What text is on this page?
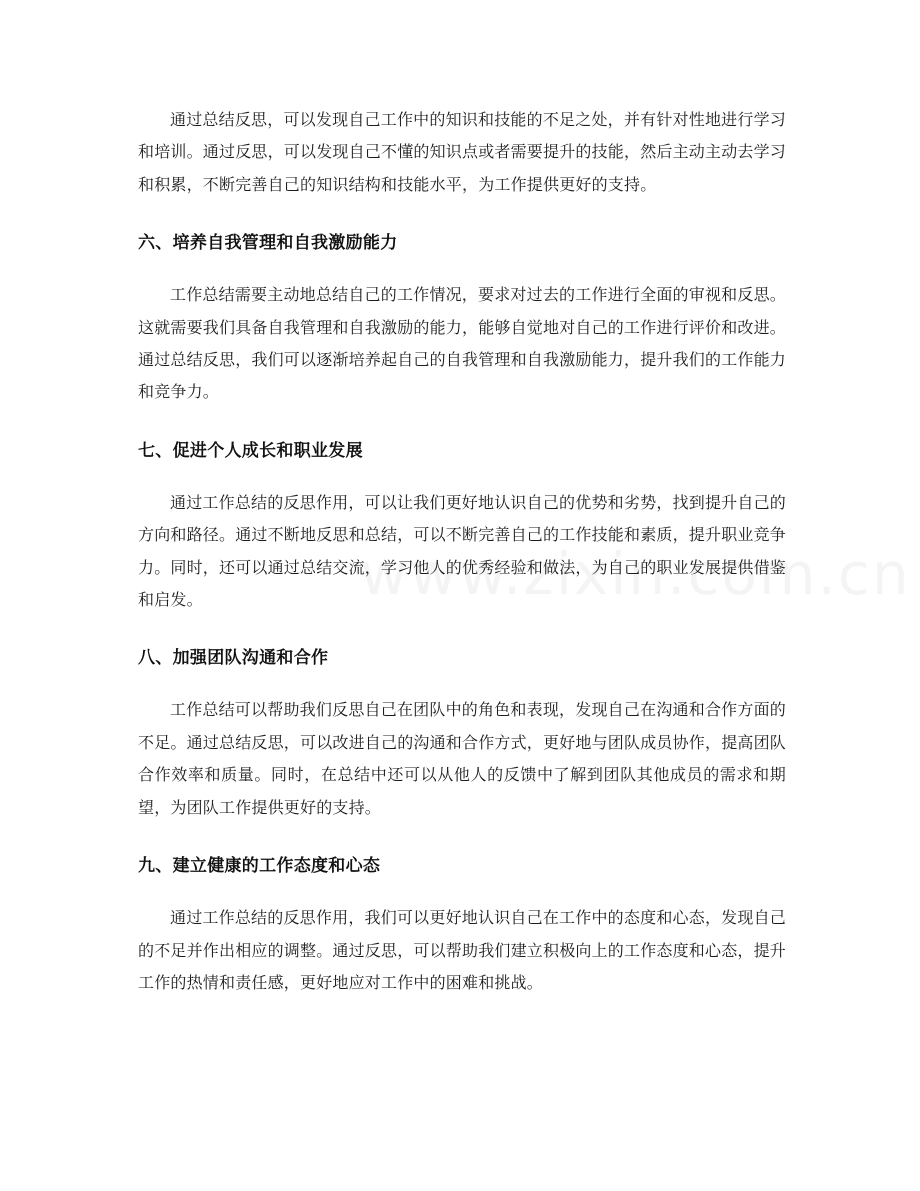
通过总结反思，可以发现自己工作中的知识和技能的不足之处，并有针对性地进行学习和培训。通过反思，可以发现自己不懂的知识点或者需要提升的技能，然后主动主动去学习和积累，不断完善自己的知识结构和技能水平，为工作提供更好的支持。

六、培养自我管理和自我激励能力

工作总结需要主动地总结自己的工作情况，要求对过去的工作进行全面的审视和反思。这就需要我们具备自我管理和自我激励的能力，能够自觉地对自己的工作进行评价和改进。通过总结反思，我们可以逐渐培养起自己的自我管理和自我激励能力，提升我们的工作能力和竞争力。

七、促进个人成长和职业发展

通过工作总结的反思作用，可以让我们更好地认识自己的优势和劣势，找到提升自己的方向和路径。通过不断地反思和总结，可以不断完善自己的工作技能和素质，提升职业竞争力。同时，还可以通过总结交流，学习他人的优秀经验和做法，为自己的职业发展提供借鉴和启发。

八、加强团队沟通和合作

工作总结可以帮助我们反思自己在团队中的角色和表现，发现自己在沟通和合作方面的不足。通过总结反思，可以改进自己的沟通和合作方式，更好地与团队成员协作，提高团队合作效率和质量。同时，在总结中还可以从他人的反馈中了解到团队其他成员的需求和期望，为团队工作提供更好的支持。

九、建立健康的工作态度和心态

通过工作总结的反思作用，我们可以更好地认识自己在工作中的态度和心态，发现自己的不足并作出相应的调整。通过反思，可以帮助我们建立积极向上的工作态度和心态，提升工作的热情和责任感，更好地应对工作中的困难和挑战。
